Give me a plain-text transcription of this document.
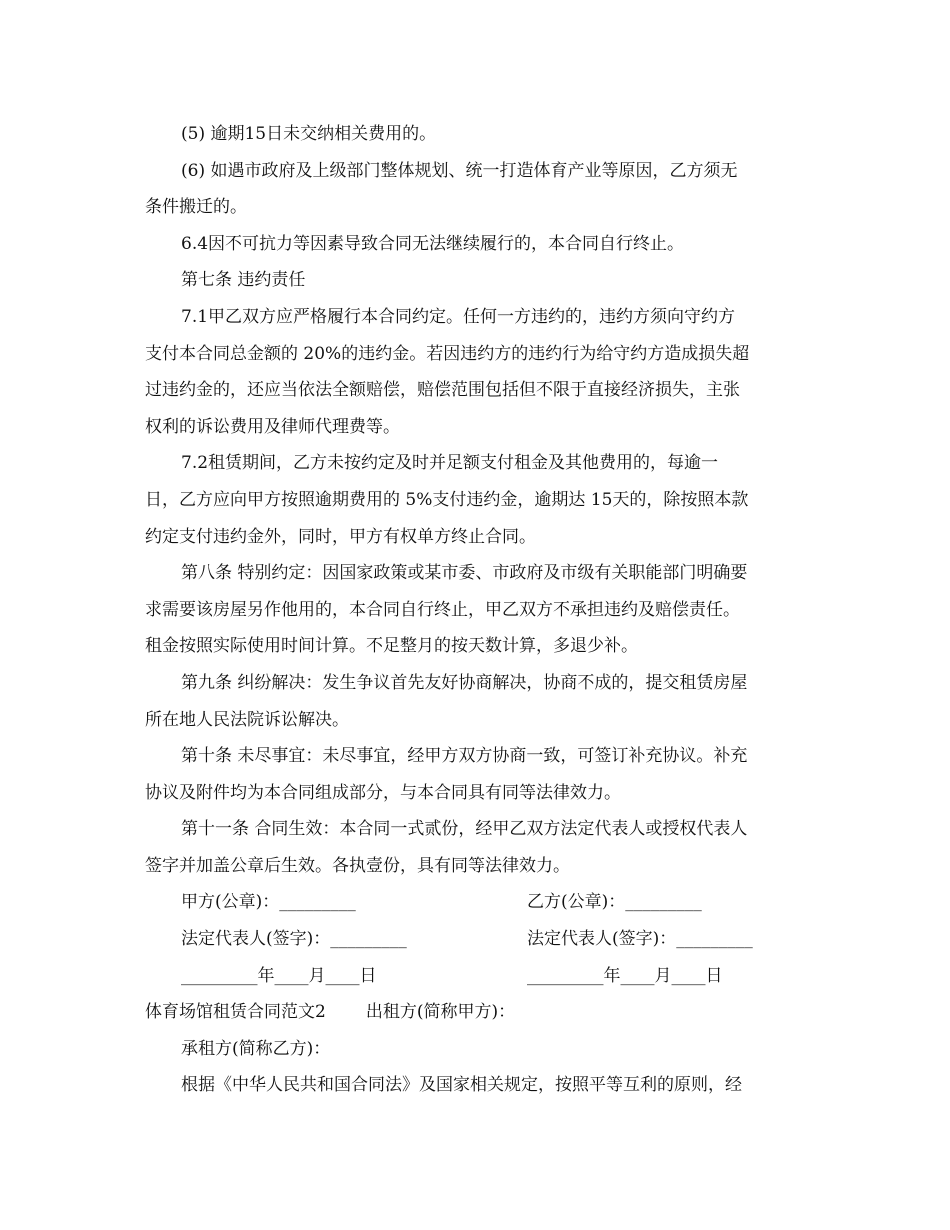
(5) 逾期15日未交纳相关费用的。
(6) 如遇市政府及上级部门整体规划、统一打造体育产业等原因，乙方须无
条件搬迁的。
6.4因不可抗力等因素导致合同无法继续履行的，本合同自行终止。
第七条 违约责任
7.1甲乙双方应严格履行本合同约定。任何一方违约的，违约方须向守约方
支付本合同总金额的 20%的违约金。若因违约方的违约行为给守约方造成损失超
过违约金的，还应当依法全额赔偿，赔偿范围包括但不限于直接经济损失，主张
权利的诉讼费用及律师代理费等。
7.2租赁期间，乙方未按约定及时并足额支付租金及其他费用的，每逾一
日，乙方应向甲方按照逾期费用的 5%支付违约金，逾期达 15天的，除按照本款
约定支付违约金外，同时，甲方有权单方终止合同。
第八条 特别约定：因国家政策或某市委、市政府及市级有关职能部门明确要
求需要该房屋另作他用的，本合同自行终止，甲乙双方不承担违约及赔偿责任。
租金按照实际使用时间计算。不足整月的按天数计算，多退少补。
第九条 纠纷解决：发生争议首先友好协商解决，协商不成的，提交租赁房屋
所在地人民法院诉讼解决。
第十条 未尽事宜：未尽事宜，经甲方双方协商一致，可签订补充协议。补充
协议及附件均为本合同组成部分，与本合同具有同等法律效力。
第十一条 合同生效：本合同一式贰份，经甲乙双方法定代表人或授权代表人
签字并加盖公章后生效。各执壹份，具有同等法律效力。
甲方(公章)：_________	乙方(公章)：_________
法定代表人(签字)：_________	法定代表人(签字)：_________
_________年____月____日	_________年____月____日
体育场馆租赁合同范文2 出租方(简称甲方)：
承租方(简称乙方)：
根据《中华人民共和国合同法》及国家相关规定，按照平等互利的原则，经
